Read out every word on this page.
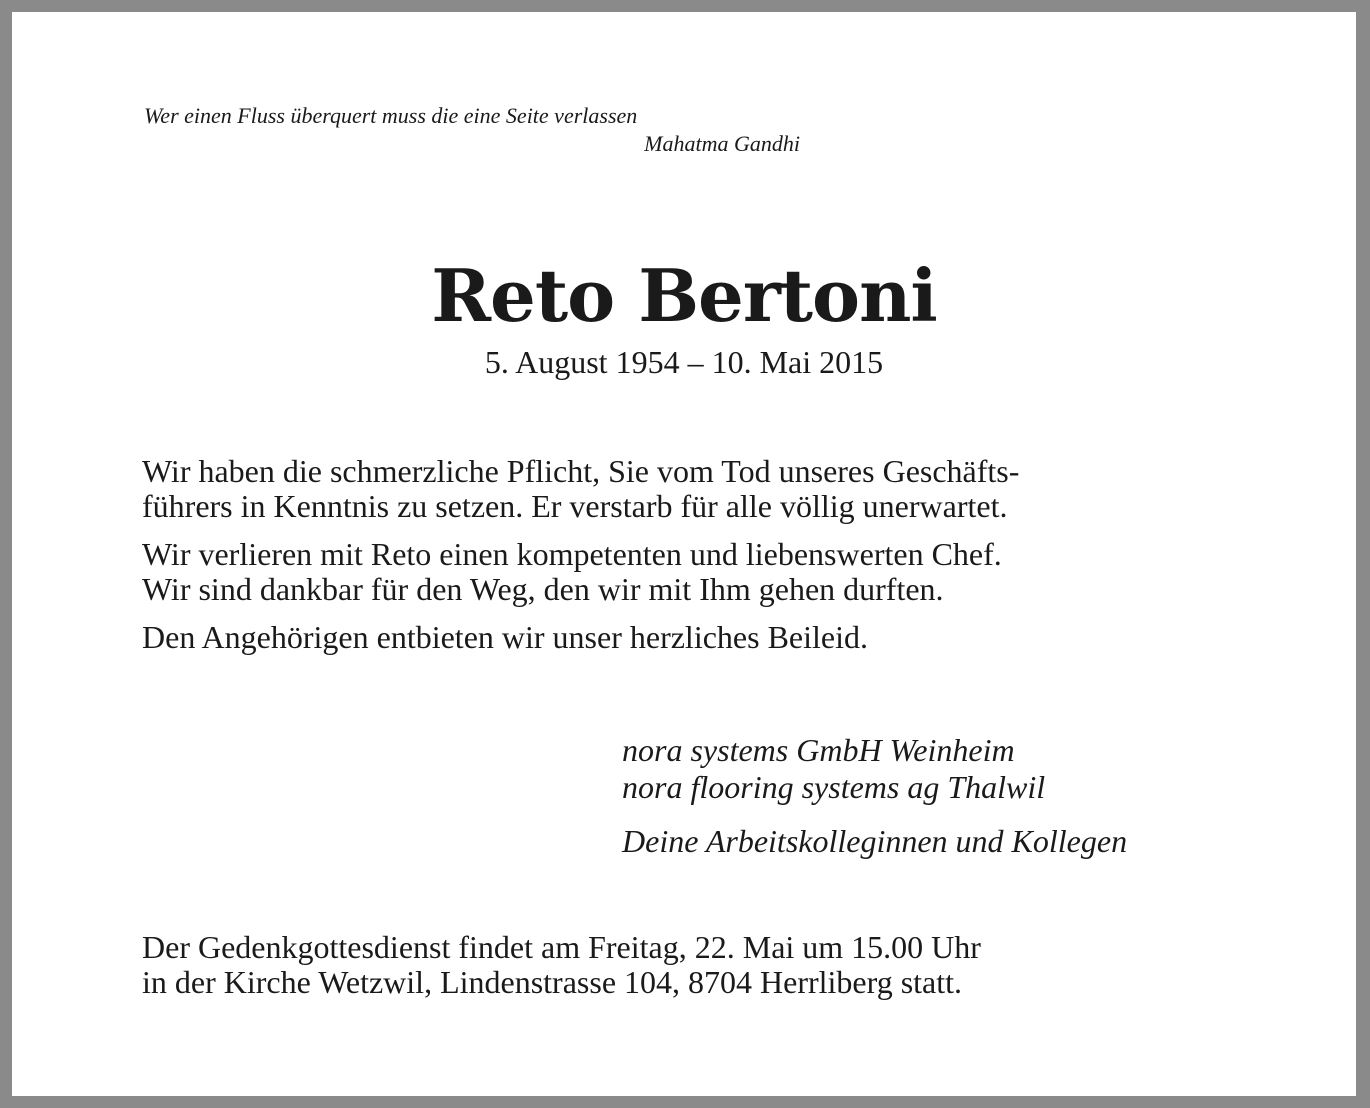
Wer einen Fluss überquert muss die eine Seite verlassen
Mahatma Gandhi
Reto Bertoni
5. August 1954 – 10. Mai 2015

Wir haben die schmerzliche Pflicht, Sie vom Tod unseres Geschäfts-
führers in Kenntnis zu setzen. Er verstarb für alle völlig unerwartet.

Wir verlieren mit Reto einen kompetenten und liebenswerten Chef.
Wir sind dankbar für den Weg, den wir mit Ihm gehen durften.

Den Angehörigen entbieten wir unser herzliches Beileid.

nora systems GmbH Weinheim
nora flooring systems ag Thalwil
Deine Arbeitskolleginnen und Kollegen
Der Gedenkgottesdienst findet am Freitag, 22. Mai um 15.00 Uhr
in der Kirche Wetzwil, Lindenstrasse 104, 8704 Herrliberg statt.
